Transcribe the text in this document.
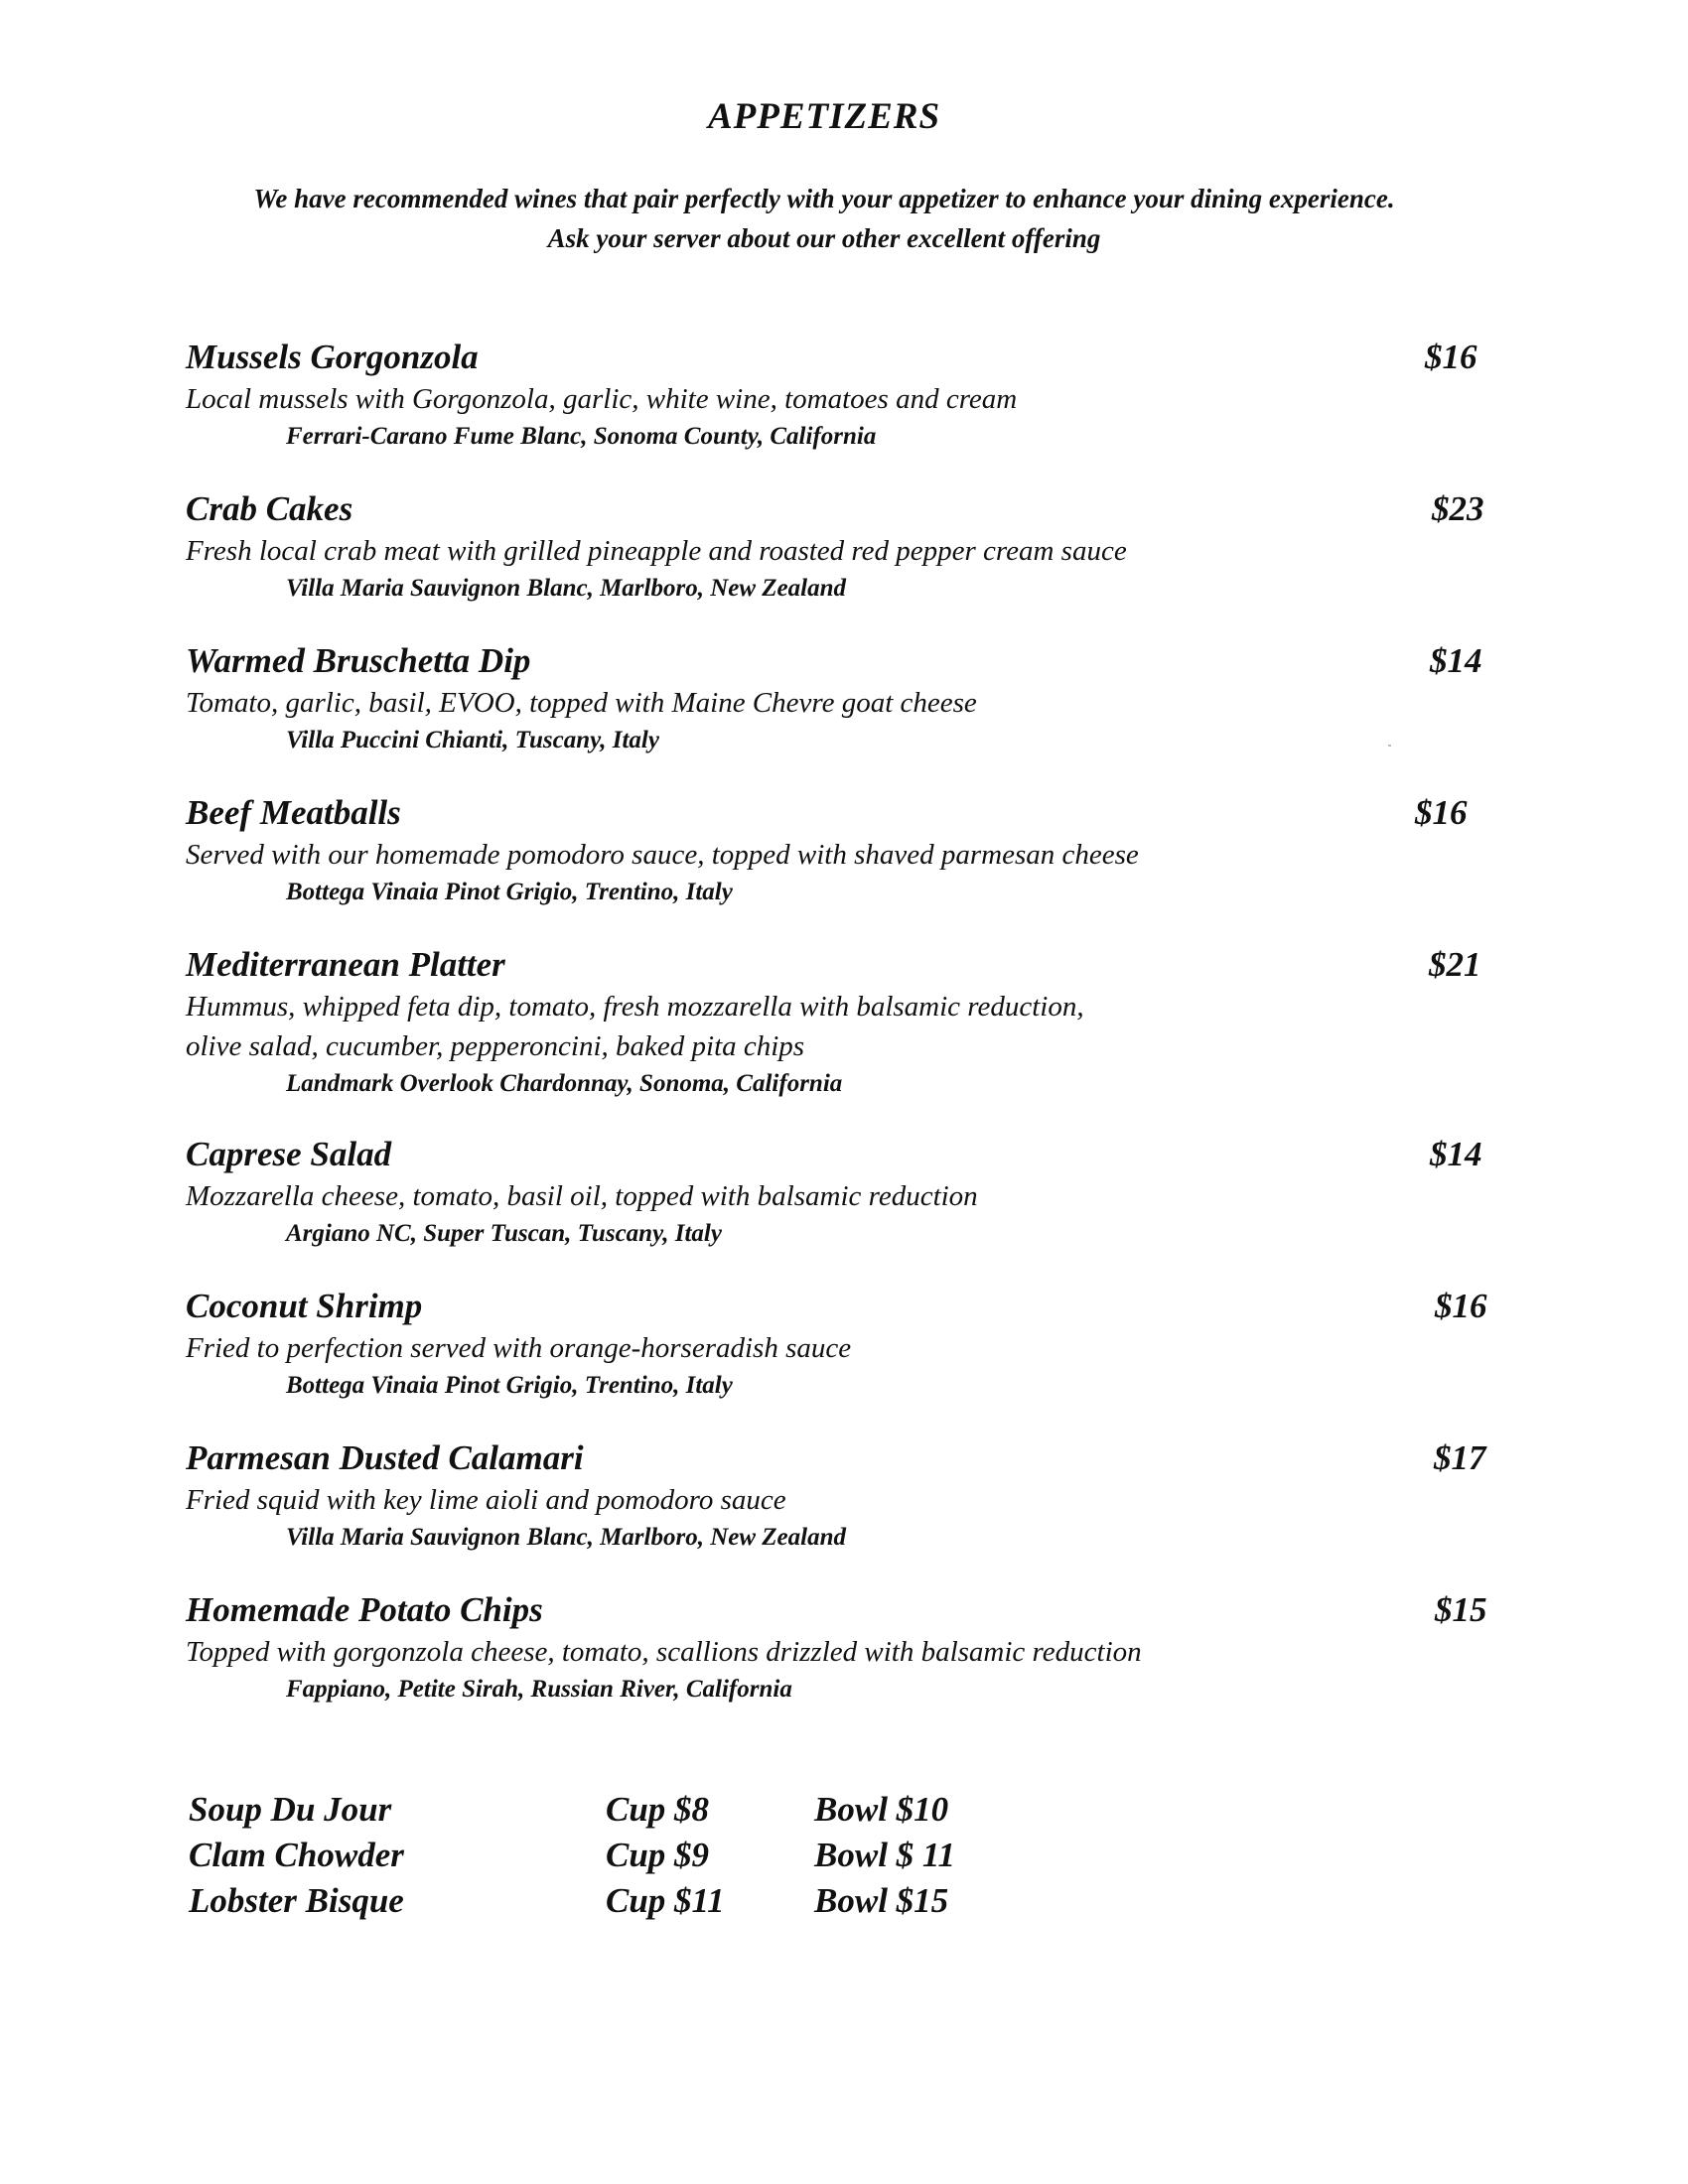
APPETIZERS
We have recommended wines that pair perfectly with your appetizer to enhance your dining experience.
Ask your server about our other excellent offering
Mussels Gorgonzola	$16
Local mussels with Gorgonzola, garlic, white wine, tomatoes and cream
Ferrari-Carano Fume Blanc, Sonoma County, California
Crab Cakes	$23
Fresh local crab meat with grilled pineapple and roasted red pepper cream sauce
Villa Maria Sauvignon Blanc, Marlboro, New Zealand
Warmed Bruschetta Dip	$14
Tomato, garlic, basil, EVOO, topped with Maine Chevre goat cheese
Villa Puccini Chianti, Tuscany, Italy
Beef Meatballs	$16
Served with our homemade pomodoro sauce, topped with shaved parmesan cheese
Bottega Vinaia Pinot Grigio, Trentino, Italy
Mediterranean Platter	$21
Hummus, whipped feta dip, tomato, fresh mozzarella with balsamic reduction,
olive salad, cucumber, pepperoncini, baked pita chips
Landmark Overlook Chardonnay, Sonoma, California
Caprese Salad	$14
Mozzarella cheese, tomato, basil oil, topped with balsamic reduction
Argiano NC, Super Tuscan, Tuscany, Italy
Coconut Shrimp	$16
Fried to perfection served with orange-horseradish sauce
Bottega Vinaia Pinot Grigio, Trentino, Italy
Parmesan Dusted Calamari	$17
Fried squid with key lime aioli and pomodoro sauce
Villa Maria Sauvignon Blanc, Marlboro, New Zealand
Homemade Potato Chips	$15
Topped with gorgonzola cheese, tomato, scallions drizzled with balsamic reduction
Fappiano, Petite Sirah, Russian River, California
Soup Du Jour	Cup $8	Bowl $10
Clam Chowder	Cup $9	Bowl $ 11
Lobster Bisque	Cup $11	Bowl $15
